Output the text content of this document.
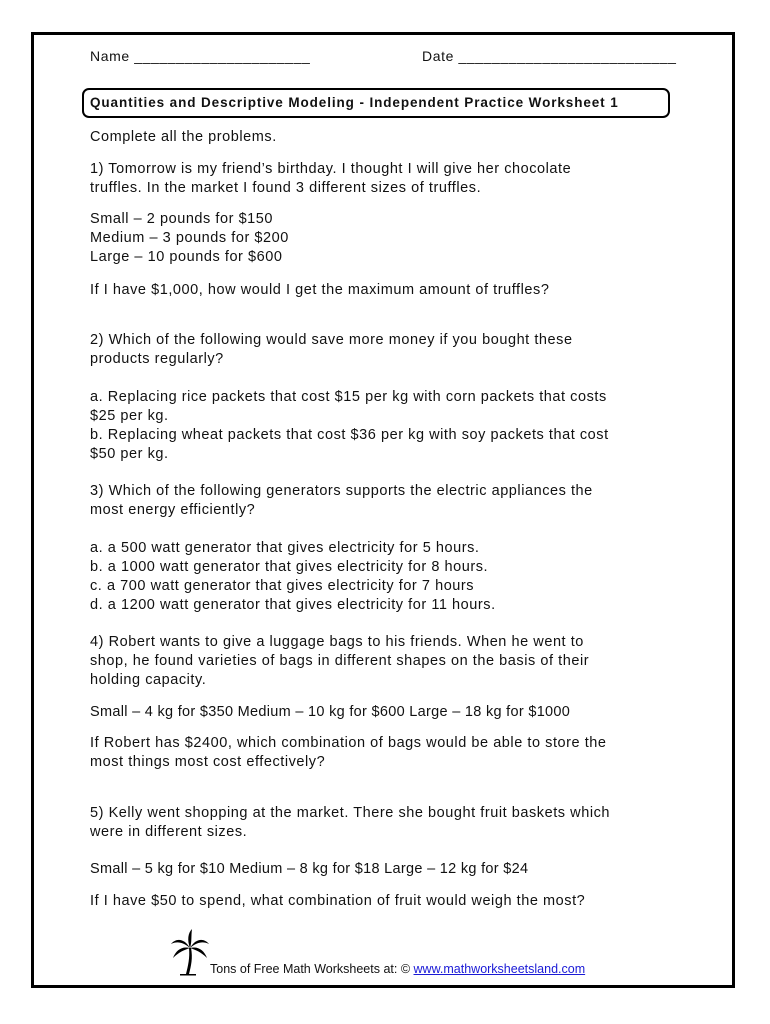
Name _____________________	Date __________________________
Quantities and Descriptive Modeling - Independent Practice Worksheet 1
Complete all the problems.
1) Tomorrow is my friend’s birthday. I thought I will give her chocolate
truffles. In the market I found 3 different sizes of truffles.
Small – 2 pounds for $150
Medium – 3 pounds for $200
Large – 10 pounds for $600
If I have $1,000, how would I get the maximum amount of truffles?
2) Which of the following would save more money if you bought these
products regularly?
a. Replacing rice packets that cost $15 per kg with corn packets that costs
$25 per kg.
b. Replacing wheat packets that cost $36 per kg with soy packets that cost
$50 per kg.
3) Which of the following generators supports the electric appliances the
most energy efficiently?
a. a 500 watt generator that gives electricity for 5 hours.
b. a 1000 watt generator that gives electricity for 8 hours.
c. a 700 watt generator that gives electricity for 7 hours
d. a 1200 watt generator that gives electricity for 11 hours.
4) Robert wants to give a luggage bags to his friends. When he went to
shop, he found varieties of bags in different shapes on the basis of their
holding capacity.
Small – 4 kg for $350 Medium – 10 kg for $600 Large – 18 kg for $1000
If Robert has $2400, which combination of bags would be able to store the
most things most cost effectively?
5) Kelly went shopping at the market. There she bought fruit baskets which
were in different sizes.
Small – 5 kg for $10 Medium – 8 kg for $18 Large – 12 kg for $24
If I have $50 to spend, what combination of fruit would weigh the most?
Tons of Free Math Worksheets at: © www.mathworksheetsland.com
